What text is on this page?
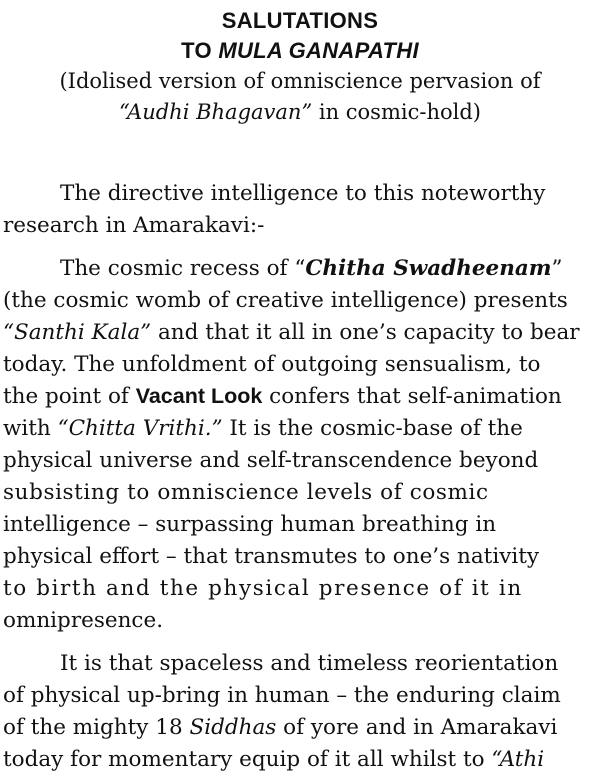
SALUTATIONS
TO MULA GANAPATHI
(Idolised version of omniscience pervasion of
“Audhi Bhagavan” in cosmic-hold)
The directive intelligence to this noteworthy
research in Amarakavi:-
The cosmic recess of “Chitha Swadheenam”
(the cosmic womb of creative intelligence) presents
“Santhi Kala” and that it all in one’s capacity to bear
today. The unfoldment of outgoing sensualism, to
the point of Vacant Look confers that self-animation
with “Chitta Vrithi.” It is the cosmic-base of the
physical universe and self-transcendence beyond
subsisting to omniscience levels of cosmic
intelligence – surpassing human breathing in
physical effort – that transmutes to one’s nativity
to birth and the physical presence of it in
omnipresence.
It is that spaceless and timeless reorientation
of physical up-bring in human – the enduring claim
of the mighty 18 Siddhas of yore and in Amarakavi
today for momentary equip of it all whilst to “Athi
